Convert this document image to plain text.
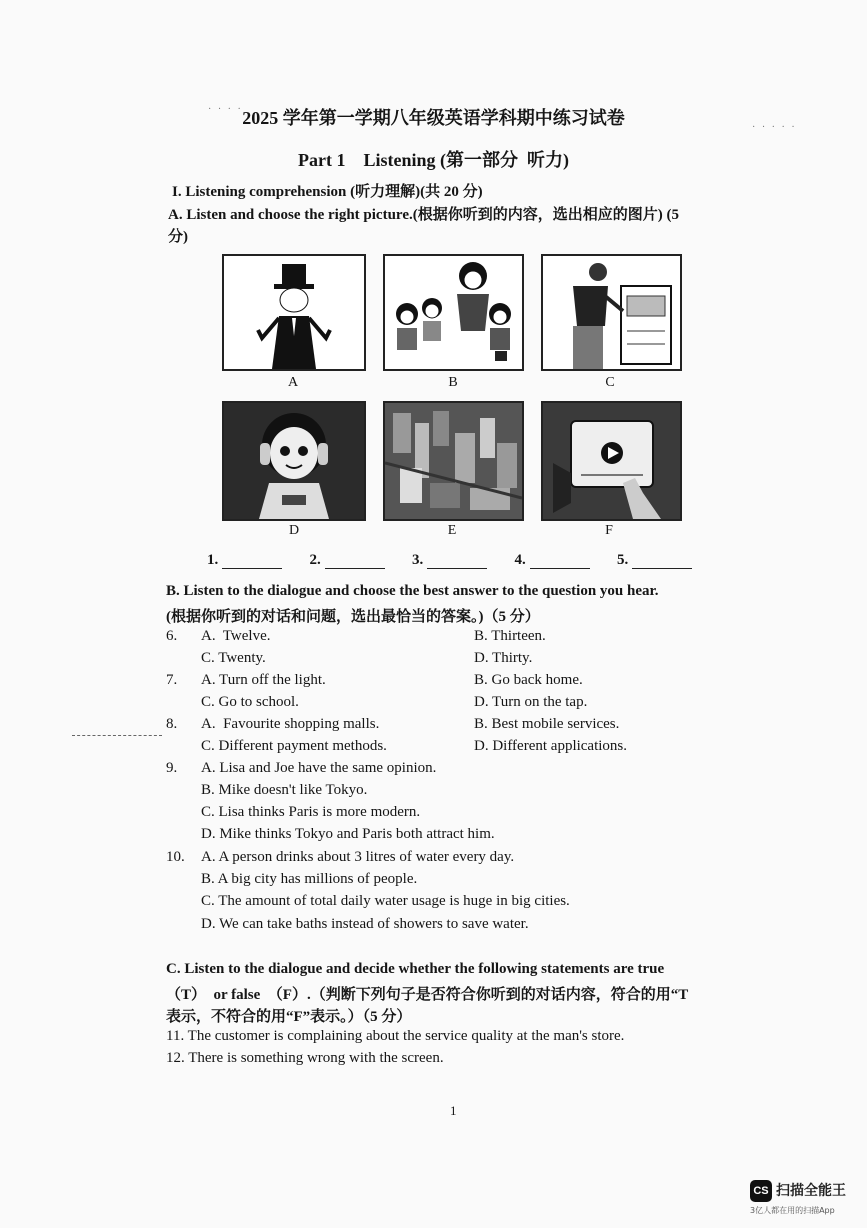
· · · ·
· · · · ·
2025 学年第一学期八年级英语学科期中练习试卷
Part 1    Listening (第一部分  听力)
I. Listening comprehension (听力理解)(共 20 分)
A. Listen and choose the right picture.(根据你听到的内容，选出相应的图片) (5
分)
A	B	C
D	E	F
1.	2.	3.	4.	5.
B. Listen to the dialogue and choose the best answer to the question you hear.
(根据你听到的对话和问题，选出最恰当的答案。)（5 分）
6. A.  Twelve.	B. Thirteen.
C. Twenty.	D. Thirty.
7. A. Turn off the light.	B. Go back home.
C. Go to school.	D. Turn on the tap.
8. A.  Favourite shopping malls.	B. Best mobile services.
C. Different payment methods.	D. Different applications.
9. A. Lisa and Joe have the same opinion.
B. Mike doesn't like Tokyo.
C. Lisa thinks Paris is more modern.
D. Mike thinks Tokyo and Paris both attract him.
10. A. A person drinks about 3 litres of water every day.
B. A big city has millions of people.
C. The amount of total daily water usage is huge in big cities.
D. We can take baths instead of showers to save water.
C. Listen to the dialogue and decide whether the following statements are true
（T）  or false  （F）.（判断下列句子是否符合你听到的对话内容，符合的用“T
表示，不符合的用“F”表示。）（5 分）
11. The customer is complaining about the service quality at the man's store.
12. There is something wrong with the screen.
1
CS 扫描全能王
3亿人都在用的扫描App
